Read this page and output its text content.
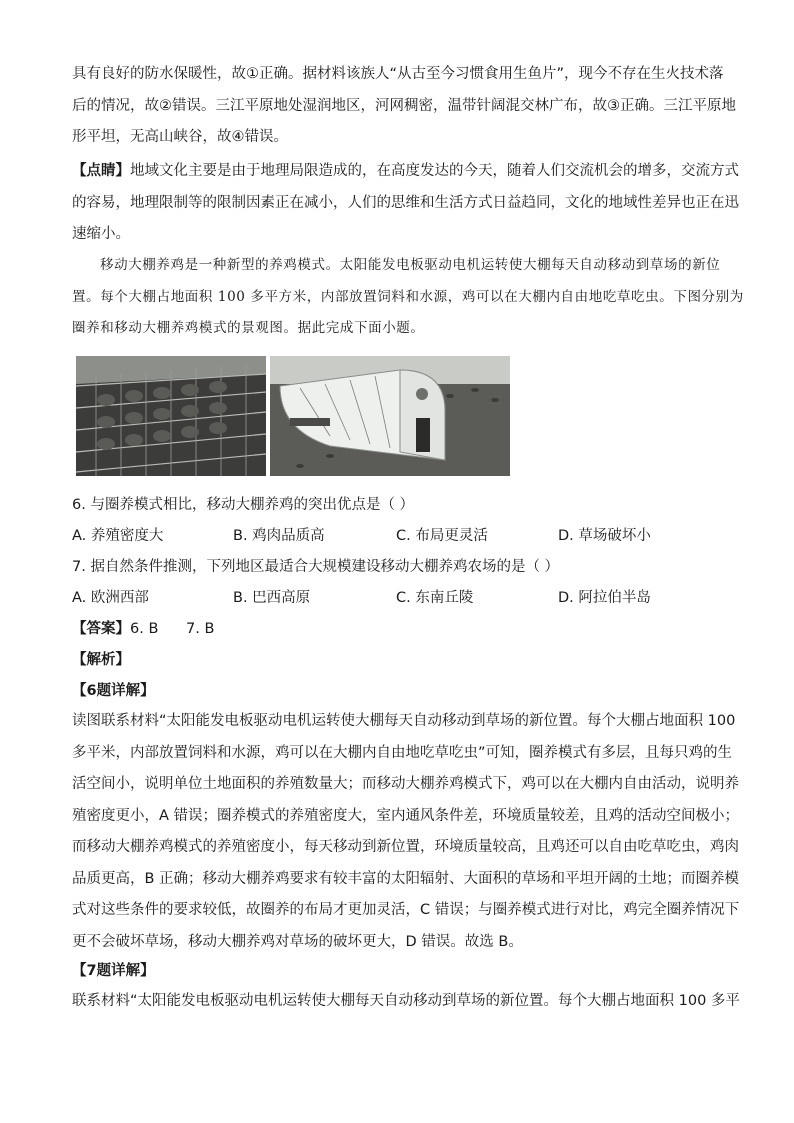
具有良好的防水保暖性，故①正确。据材料该族人“从古至今习惯食用生鱼片”，现今不存在生火技术落
后的情况，故②错误。三江平原地处湿润地区，河网稠密，温带针阔混交林广布，故③正确。三江平原地
形平坦，无高山峡谷，故④错误。
【点睛】地域文化主要是由于地理局限造成的，在高度发达的今天，随着人们交流机会的增多，交流方式
的容易，地理限制等的限制因素正在减小，人们的思维和生活方式日益趋同，文化的地域性差异也正在迅
速缩小。
移动大棚养鸡是一种新型的养鸡模式。太阳能发电板驱动电机运转使大棚每天自动移动到草场的新位
置。每个大棚占地面积 100 多平方米，内部放置饲料和水源，鸡可以在大棚内自由地吃草吃虫。下图分别为
圈养和移动大棚养鸡模式的景观图。据此完成下面小题。
6. 与圈养模式相比，移动大棚养鸡的突出优点是（ ）
A. 养殖密度大	B. 鸡肉品质高	C. 布局更灵活	D. 草场破坏小
7. 据自然条件推测，下列地区最适合大规模建设移动大棚养鸡农场的是（ ）
A. 欧洲西部	B. 巴西高原	C. 东南丘陵	D. 阿拉伯半岛
【答案】6. B      7. B
【解析】
【6题详解】
读图联系材料“太阳能发电板驱动电机运转使大棚每天自动移动到草场的新位置。每个大棚占地面积 100
多平米，内部放置饲料和水源，鸡可以在大棚内自由地吃草吃虫”可知，圈养模式有多层，且每只鸡的生
活空间小，说明单位土地面积的养殖数量大；而移动大棚养鸡模式下，鸡可以在大棚内自由活动，说明养
殖密度更小，A 错误；圈养模式的养殖密度大，室内通风条件差，环境质量较差，且鸡的活动空间极小；
而移动大棚养鸡模式的养殖密度小，每天移动到新位置，环境质量较高，且鸡还可以自由吃草吃虫，鸡肉
品质更高，B 正确；移动大棚养鸡要求有较丰富的太阳辐射、大面积的草场和平坦开阔的土地；而圈养模
式对这些条件的要求较低，故圈养的布局才更加灵活，C 错误；与圈养模式进行对比，鸡完全圈养情况下
更不会破坏草场，移动大棚养鸡对草场的破坏更大，D 错误。故选 B。
【7题详解】
联系材料“太阳能发电板驱动电机运转使大棚每天自动移动到草场的新位置。每个大棚占地面积 100 多平
